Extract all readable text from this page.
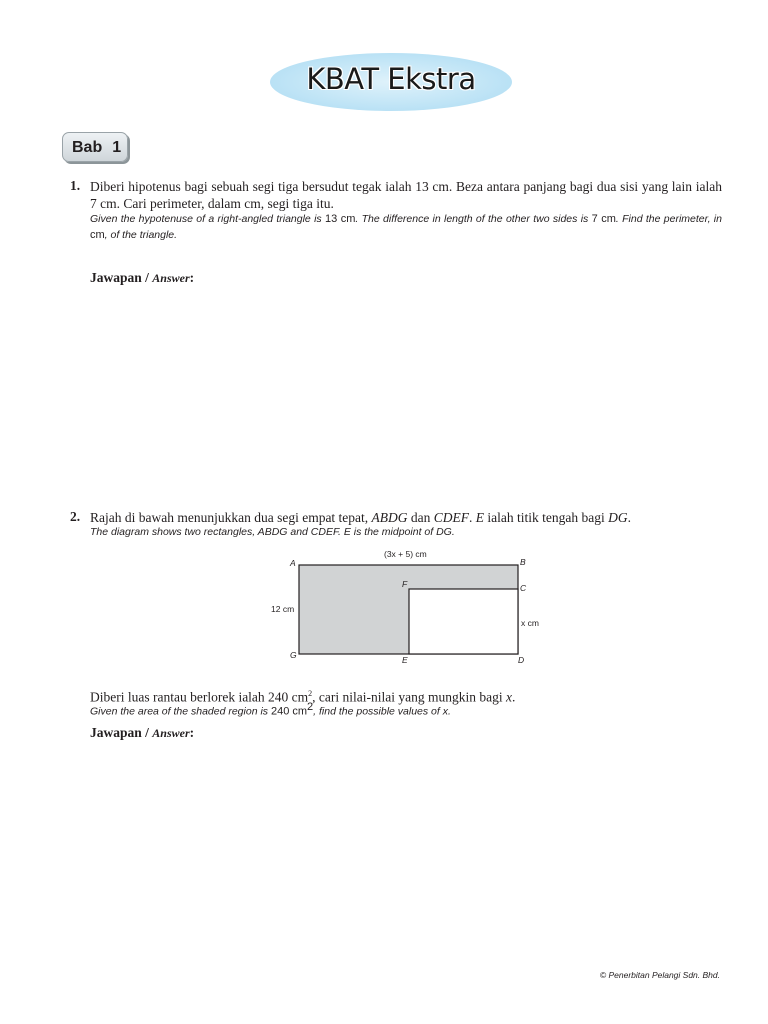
KBAT Ekstra
Bab 1
1. Diberi hipotenus bagi sebuah segi tiga bersudut tegak ialah 13 cm. Beza antara panjang bagi dua sisi yang lain ialah 7 cm. Cari perimeter, dalam cm, segi tiga itu.
Given the hypotenuse of a right-angled triangle is 13 cm. The difference in length of the other two sides is 7 cm. Find the perimeter, in cm, of the triangle.
Jawapan / Answer:
2. Rajah di bawah menunjukkan dua segi empat tepat, ABDG dan CDEF. E ialah titik tengah bagi DG.
The diagram shows two rectangles, ABDG and CDEF. E is the midpoint of DG.
(3x + 5) cm
A	B
C
F
12 cm
x cm
G	E	D
Diberi luas rantau berlorek ialah 240 $cm^2$, cari nilai-nilai yang mungkin bagi x.
Given the area of the shaded region is 240 $cm^2$, find the possible values of x.
Jawapan / Answer:
© Penerbitan Pelangi Sdn. Bhd.
